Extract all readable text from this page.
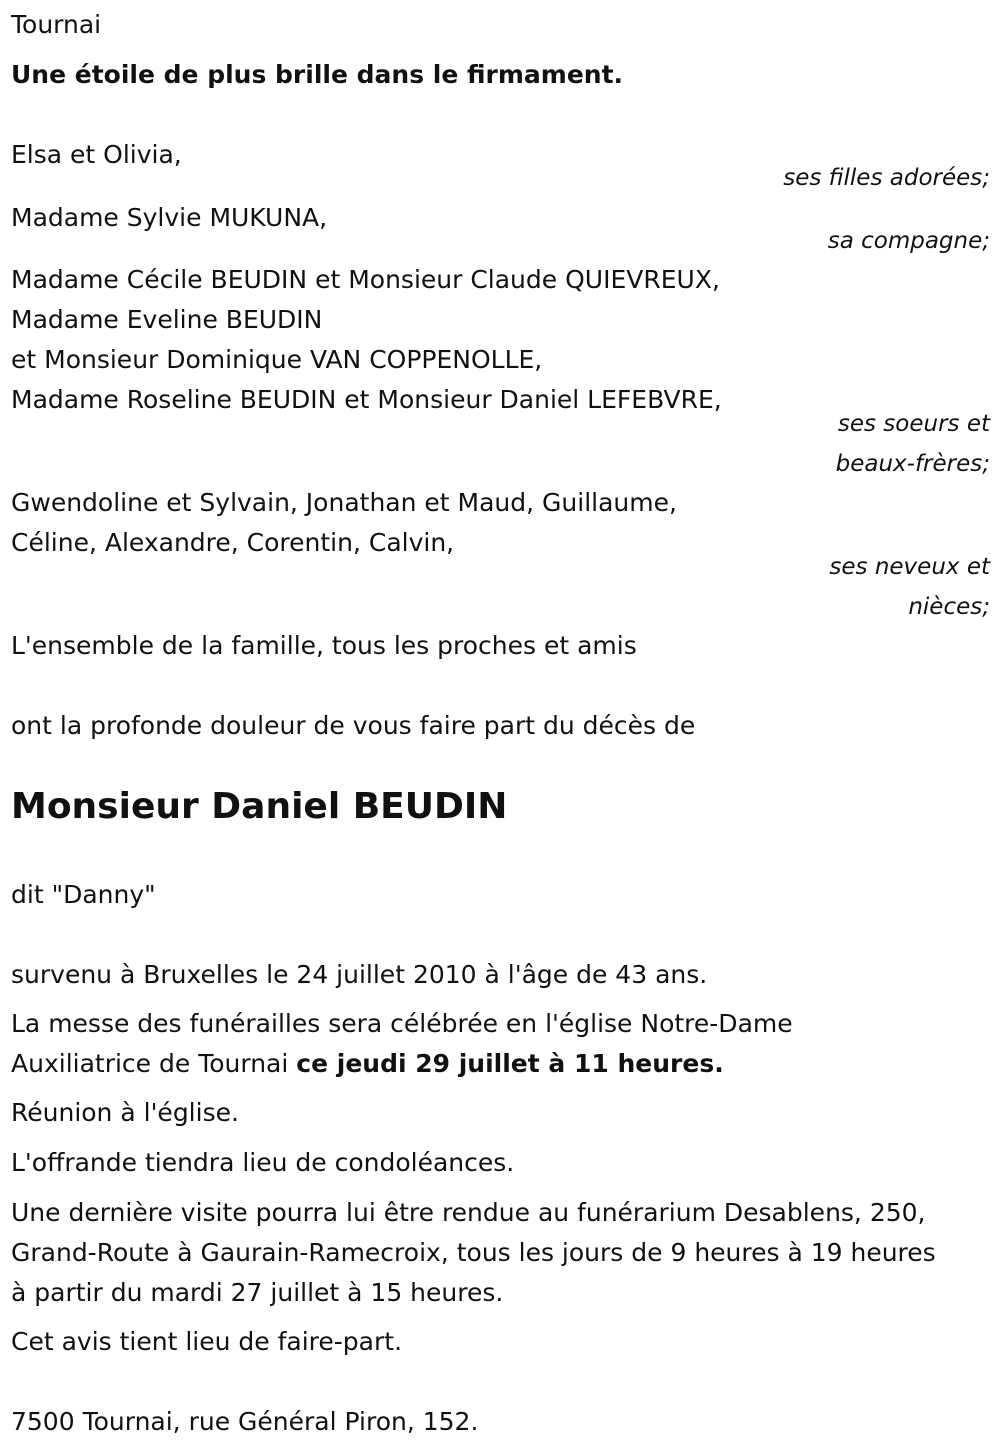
Tournai
Une étoile de plus brille dans le firmament.
Elsa et Olivia,
ses filles adorées;
Madame Sylvie MUKUNA,
sa compagne;
Madame Cécile BEUDIN et Monsieur Claude QUIEVREUX,
Madame Eveline BEUDIN
et Monsieur Dominique VAN COPPENOLLE,
Madame Roseline BEUDIN et Monsieur Daniel LEFEBVRE,
ses soeurs et
beaux-frères;
Gwendoline et Sylvain, Jonathan et Maud, Guillaume,
Céline, Alexandre, Corentin, Calvin,
ses neveux et
nièces;
L'ensemble de la famille, tous les proches et amis
ont la profonde douleur de vous faire part du décès de
Monsieur Daniel BEUDIN
dit "Danny"
survenu à Bruxelles le 24 juillet 2010 à l'âge de 43 ans.
La messe des funérailles sera célébrée en l'église Notre-Dame
Auxiliatrice de Tournai ce jeudi 29 juillet à 11 heures.
Réunion à l'église.
L'offrande tiendra lieu de condoléances.
Une dernière visite pourra lui être rendue au funérarium Desablens, 250,
Grand-Route à Gaurain-Ramecroix, tous les jours de 9 heures à 19 heures
à partir du mardi 27 juillet à 15 heures.
Cet avis tient lieu de faire-part.
7500 Tournai, rue Général Piron, 152.
